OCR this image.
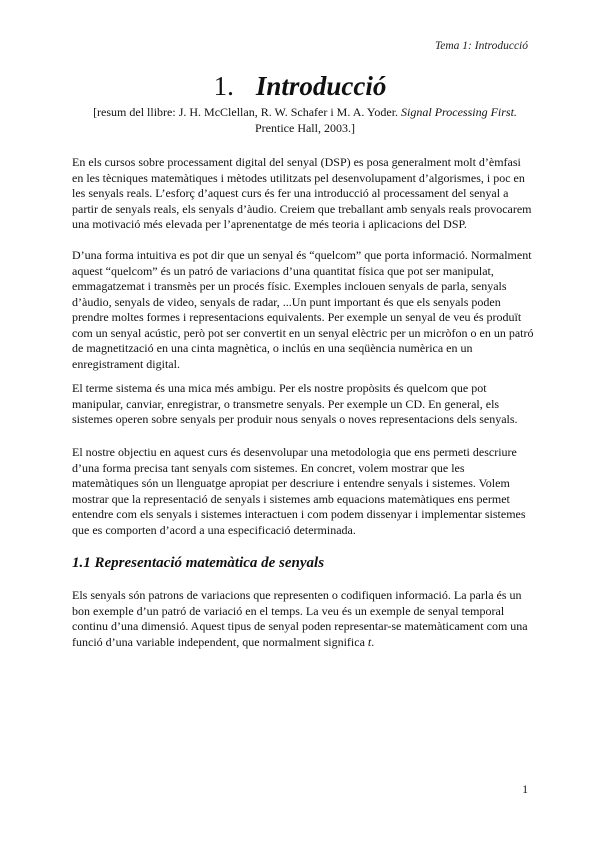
Tema 1: Introducció
1. Introducció
[resum del llibre: J. H. McClellan, R. W. Schafer i M. A. Yoder. Signal Processing First. Prentice Hall, 2003.]

En els cursos sobre processament digital del senyal (DSP) es posa generalment molt d’èmfasi en les tècniques matemàtiques i mètodes utilitzats pel desenvolupament d’algorismes, i poc en les senyals reals. L’esforç d’aquest curs és fer una introducció al processament del senyal a partir de senyals reals, els senyals d’àudio. Creiem que treballant amb senyals reals provocarem una motivació més elevada per l’aprenentatge de més teoria i aplicacions del DSP.

D’una forma intuitiva es pot dir que un senyal és “quelcom” que porta informació. Normalment aquest “quelcom” és un patró de variacions d’una quantitat física que pot ser manipulat, emmagatzemat i transmès per un procés físic. Exemples inclouen senyals de parla, senyals d’àudio, senyals de video, senyals de radar, ...Un punt important és que els senyals poden prendre moltes formes i representacions equivalents. Per exemple un senyal de veu és produït com un senyal acústic, però pot ser convertit en un senyal elèctric per un micròfon o en un patró de magnetització en una cinta magnètica, o inclús en una seqüència numèrica en un enregistrament digital.

El terme sistema és una mica més ambigu. Per els nostre propòsits és quelcom que pot manipular, canviar, enregistrar, o transmetre senyals. Per exemple un CD. En general, els sistemes operen sobre senyals per produir nous senyals o noves representacions dels senyals.

El nostre objectiu en aquest curs és desenvolupar una metodologia que ens permeti descriure d’una forma precisa tant senyals com sistemes. En concret, volem mostrar que les matemàtiques són un llenguatge apropiat per descriure i entendre senyals i sistemes. Volem mostrar que la representació de senyals i sistemes amb equacions matemàtiques ens permet entendre com els senyals i sistemes interactuen i com podem dissenyar i implementar sistemes que es comporten d’acord a una especificació determinada.

1.1 Representació matemàtica de senyals

Els senyals són patrons de variacions que representen o codifiquen informació. La parla és un bon exemple d’un patró de variació en el temps. La veu és un exemple de senyal temporal continu d’una dimensió. Aquest tipus de senyal poden representar-se matemàticament com una funció d’una variable independent, que normalment significa t.

1
